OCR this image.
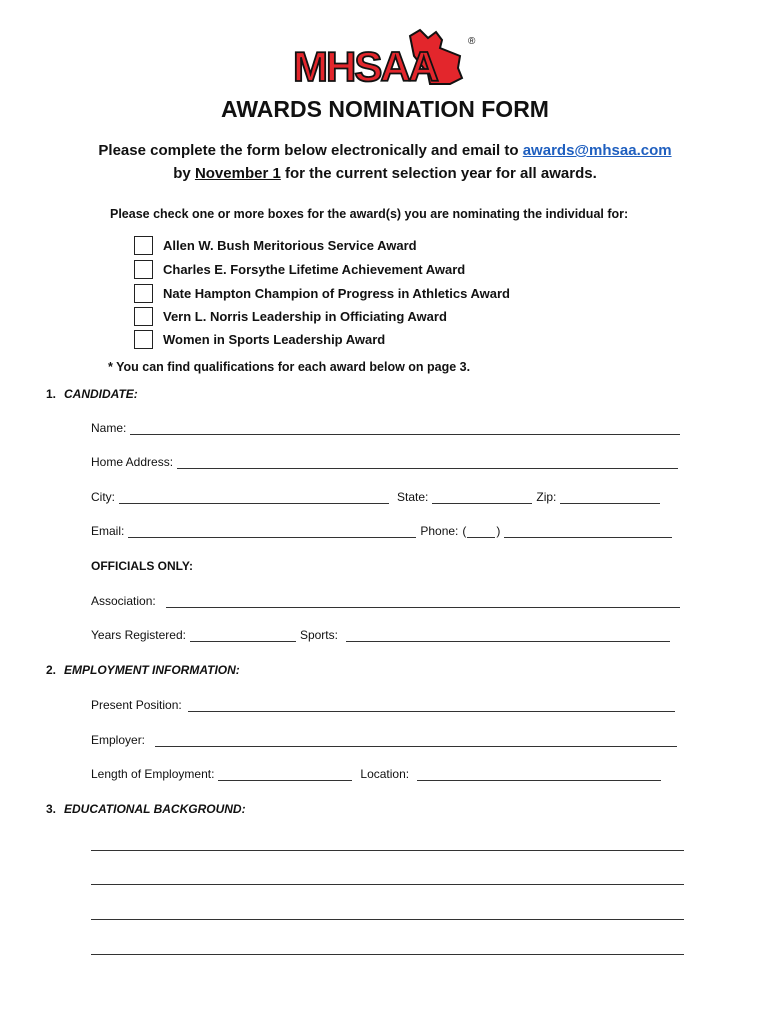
MHSAA
®
AWARDS NOMINATION FORM
Please complete the form below electronically and email to awards@mhsaa.com
by November 1 for the current selection year for all awards.
Please check one or more boxes for the award(s) you are nominating the individual for:
Allen W. Bush Meritorious Service Award
Charles E. Forsythe Lifetime Achievement Award
Nate Hampton Champion of Progress in Athletics Award
Vern L. Norris Leadership in Officiating Award
Women in Sports Leadership Award
* You can find qualifications for each award below on page 3.
1. CANDIDATE:
Name:
Home Address:
City:	State:	Zip:
Email:	Phone: (	)
OFFICIALS ONLY:
Association:
Years Registered:	Sports:
2. EMPLOYMENT INFORMATION:
Present Position:
Employer:
Length of Employment:	Location:
3. EDUCATIONAL BACKGROUND:
